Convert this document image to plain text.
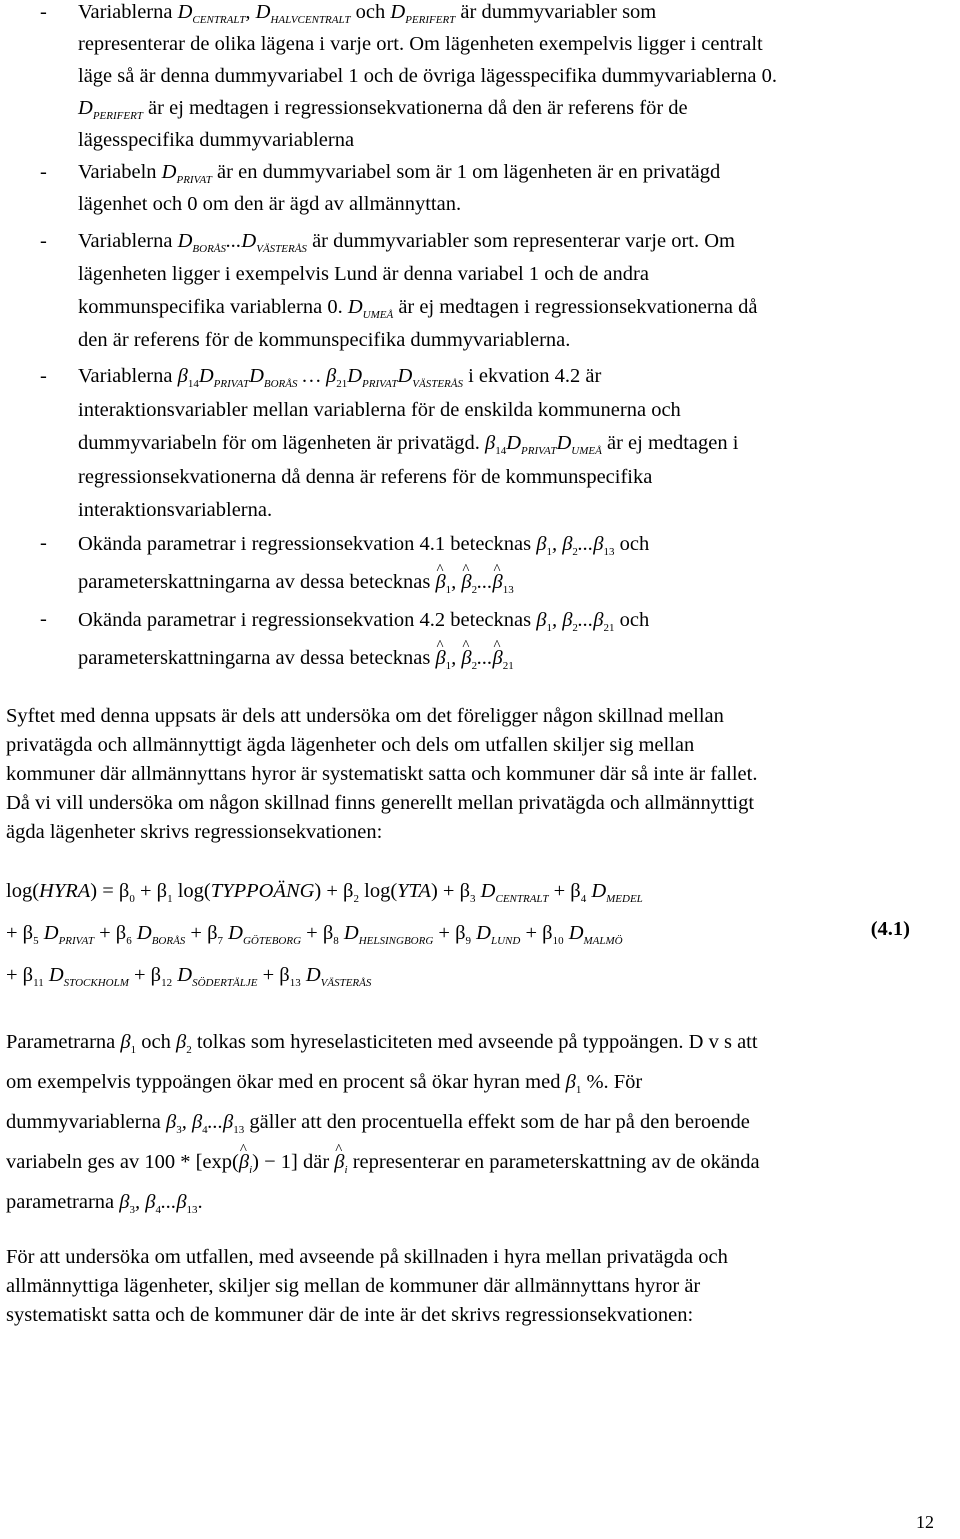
- Variablerna $D_{CENTRALT}$, $D_{HALVCENTRALT}$ och $D_{PERIFERT}$ är dummyvariabler som
representerar de olika lägena i varje ort. Om lägenheten exempelvis ligger i centralt
läge så är denna dummyvariabel 1 och de övriga lägesspecifika dummyvariablerna 0.
$D_{PERIFERT}$ är ej medtagen i regressionsekvationerna då den är referens för de
lägesspecifika dummyvariablerna
- Variabeln $D_{PRIVAT}$ är en dummyvariabel som är 1 om lägenheten är en privatägd
lägenhet och 0 om den är ägd av allmännyttan.
- Variablerna $D_{BORÅS}...D_{VÄSTERÅS}$ är dummyvariabler som representerar varje ort. Om
lägenheten ligger i exempelvis Lund är denna variabel 1 och de andra
kommunspecifika variablerna 0. $D_{UMEÅ}$ är ej medtagen i regressionsekvationerna då
den är referens för de kommunspecifika dummyvariablerna.
- Variablerna $\beta_{14}D_{PRIVAT}D_{BORÅS}$ … $\beta_{21}D_{PRIVAT}D_{VÄSTERÅS}$ i ekvation 4.2 är
interaktionsvariabler mellan variablerna för de enskilda kommunerna och
dummyvariabeln för om lägenheten är privatägd. $\beta_{14}D_{PRIVAT}D_{UMEÅ}$ är ej medtagen i
regressionsekvationerna då denna är referens för de kommunspecifika
interaktionsvariablerna.
- Okända parametrar i regressionsekvation 4.1 betecknas $\beta_1$, $\beta_2...\beta_{13}$ och
parameterskattningarna av dessa betecknas ^ $\beta_1$, ^ $\beta_2...\^{}$ $\beta_{13}$
- Okända parametrar i regressionsekvation 4.2 betecknas $\beta_1$, $\beta_2...\beta_{21}$ och
parameterskattningarna av dessa betecknas ^ $\beta_1$, ^ $\beta_2...\^{}$ $\beta_{21}$
Syftet med denna uppsats är dels att undersöka om det föreligger någon skillnad mellan
privatägda och allmännyttigt ägda lägenheter och dels om utfallen skiljer sig mellan
kommuner där allmännyttans hyror är systematiskt satta och kommuner där så inte är fallet.
Då vi vill undersöka om någon skillnad finns generellt mellan privatägda och allmännyttigt
ägda lägenheter skrivs regressionsekvationen:
log(HYRA) = $\beta_0 + \beta_1$ log(TYPPOÄNG) + $\beta_2$ $\log(YTA) + \beta_3$ $D_{CENTRALT} + \beta_4$ $D_{MEDEL}$
+ $\beta_5$ $D_{PRIVAT} + \beta_6$ $D_{BORÅS} + \beta_7$ $D_{GÖTEBORG} + \beta_8$ $D_{HELSINGBORG} + \beta_9$ $D_{LUND} + \beta_{10}$ $D_{MALMÖ}$
+ $\beta_{11}$ $D_{STOCKHOLM} + \beta_{12}$ $D_{SÖDERTÄLJE} + \beta_{13}$ $D_{VÄSTERÅS}$
(4.1)
Parametrarna $\beta_1$ och $\beta_2$ tolkas som hyreselasticiteten med avseende på typpoängen. D v s att
om exempelvis typpoängen ökar med en procent så ökar hyran med $\beta_1$ %. För
dummyvariablerna $\beta_3$, $\beta_4...\beta_{13}$ gäller att den procentuella effekt som de har på den beroende
variabeln ges av 100 * [exp(^ $\beta_i) - 1$] där ^ $\beta_i$ representerar en parameterskattning av de okända
parametrarna $\beta_3$, $\beta_4...\beta_{13}$.
För att undersöka om utfallen, med avseende på skillnaden i hyra mellan privatägda och
allmännyttiga lägenheter, skiljer sig mellan de kommuner där allmännyttans hyror är
systematiskt satta och de kommuner där de inte är det skrivs regressionsekvationen:
12
